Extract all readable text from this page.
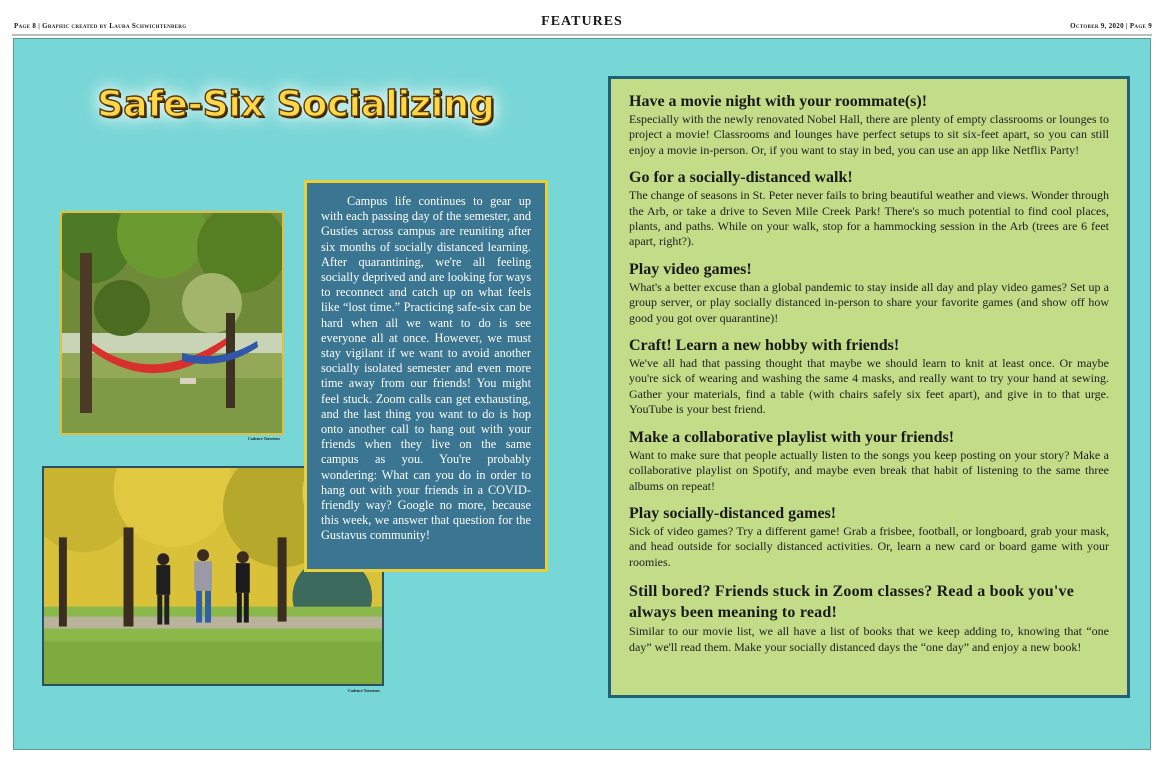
Page 8 | Graphic created by Laura Schwichtenberg	FEATURES	October 9, 2020 | Page 9
Safe-Six Socializing
Cadence Torsetnes
Cadence Torsetnes

Campus life continues to gear up with each passing day of the semester, and Gusties across campus are reuniting after six months of socially distanced learning. After quarantining, we're all feeling socially deprived and are looking for ways to reconnect and catch up on what feels like “lost time.” Practicing safe-six can be hard when all we want to do is see everyone all at once. However, we must stay vigilant if we want to avoid another socially isolated semester and even more time away from our friends! You might feel stuck. Zoom calls can get exhausting, and the last thing you want to do is hop onto another call to hang out with your friends when they live on the same campus as you. You're probably wondering: What can you do in order to hang out with your friends in a COVID-friendly way? Google no more, because this week, we answer that question for the Gustavus community!

Have a movie night with your roommate(s)!

Especially with the newly renovated Nobel Hall, there are plenty of empty classrooms or lounges to project a movie! Classrooms and lounges have perfect setups to sit six-feet apart, so you can still enjoy a movie in-person. Or, if you want to stay in bed, you can use an app like Netflix Party!

Go for a socially-distanced walk!

The change of seasons in St. Peter never fails to bring beautiful weather and views. Wonder through the Arb, or take a drive to Seven Mile Creek Park! There's so much potential to find cool places, plants, and paths. While on your walk, stop for a hammocking session in the Arb (trees are 6 feet apart, right?).

Play video games!

What's a better excuse than a global pandemic to stay inside all day and play video games? Set up a group server, or play socially distanced in-person to share your favorite games (and show off how good you got over quarantine)!

Craft! Learn a new hobby with friends!

We've all had that passing thought that maybe we should learn to knit at least once. Or maybe you're sick of wearing and washing the same 4 masks, and really want to try your hand at sewing. Gather your materials, find a table (with chairs safely six feet apart), and give in to that urge. YouTube is your best friend.

Make a collaborative playlist with your friends!

Want to make sure that people actually listen to the songs you keep posting on your story? Make a collaborative playlist on Spotify, and maybe even break that habit of listening to the same three albums on repeat!

Play socially-distanced games!

Sick of video games? Try a different game! Grab a frisbee, football, or longboard, grab your mask, and head outside for socially distanced activities. Or, learn a new card or board game with your roomies.

Still bored? Friends stuck in Zoom classes? Read a book you've always been meaning to read!

Similar to our movie list, we all have a list of books that we keep adding to, knowing that “one day” we'll read them. Make your socially distanced days the “one day” and enjoy a new book!
